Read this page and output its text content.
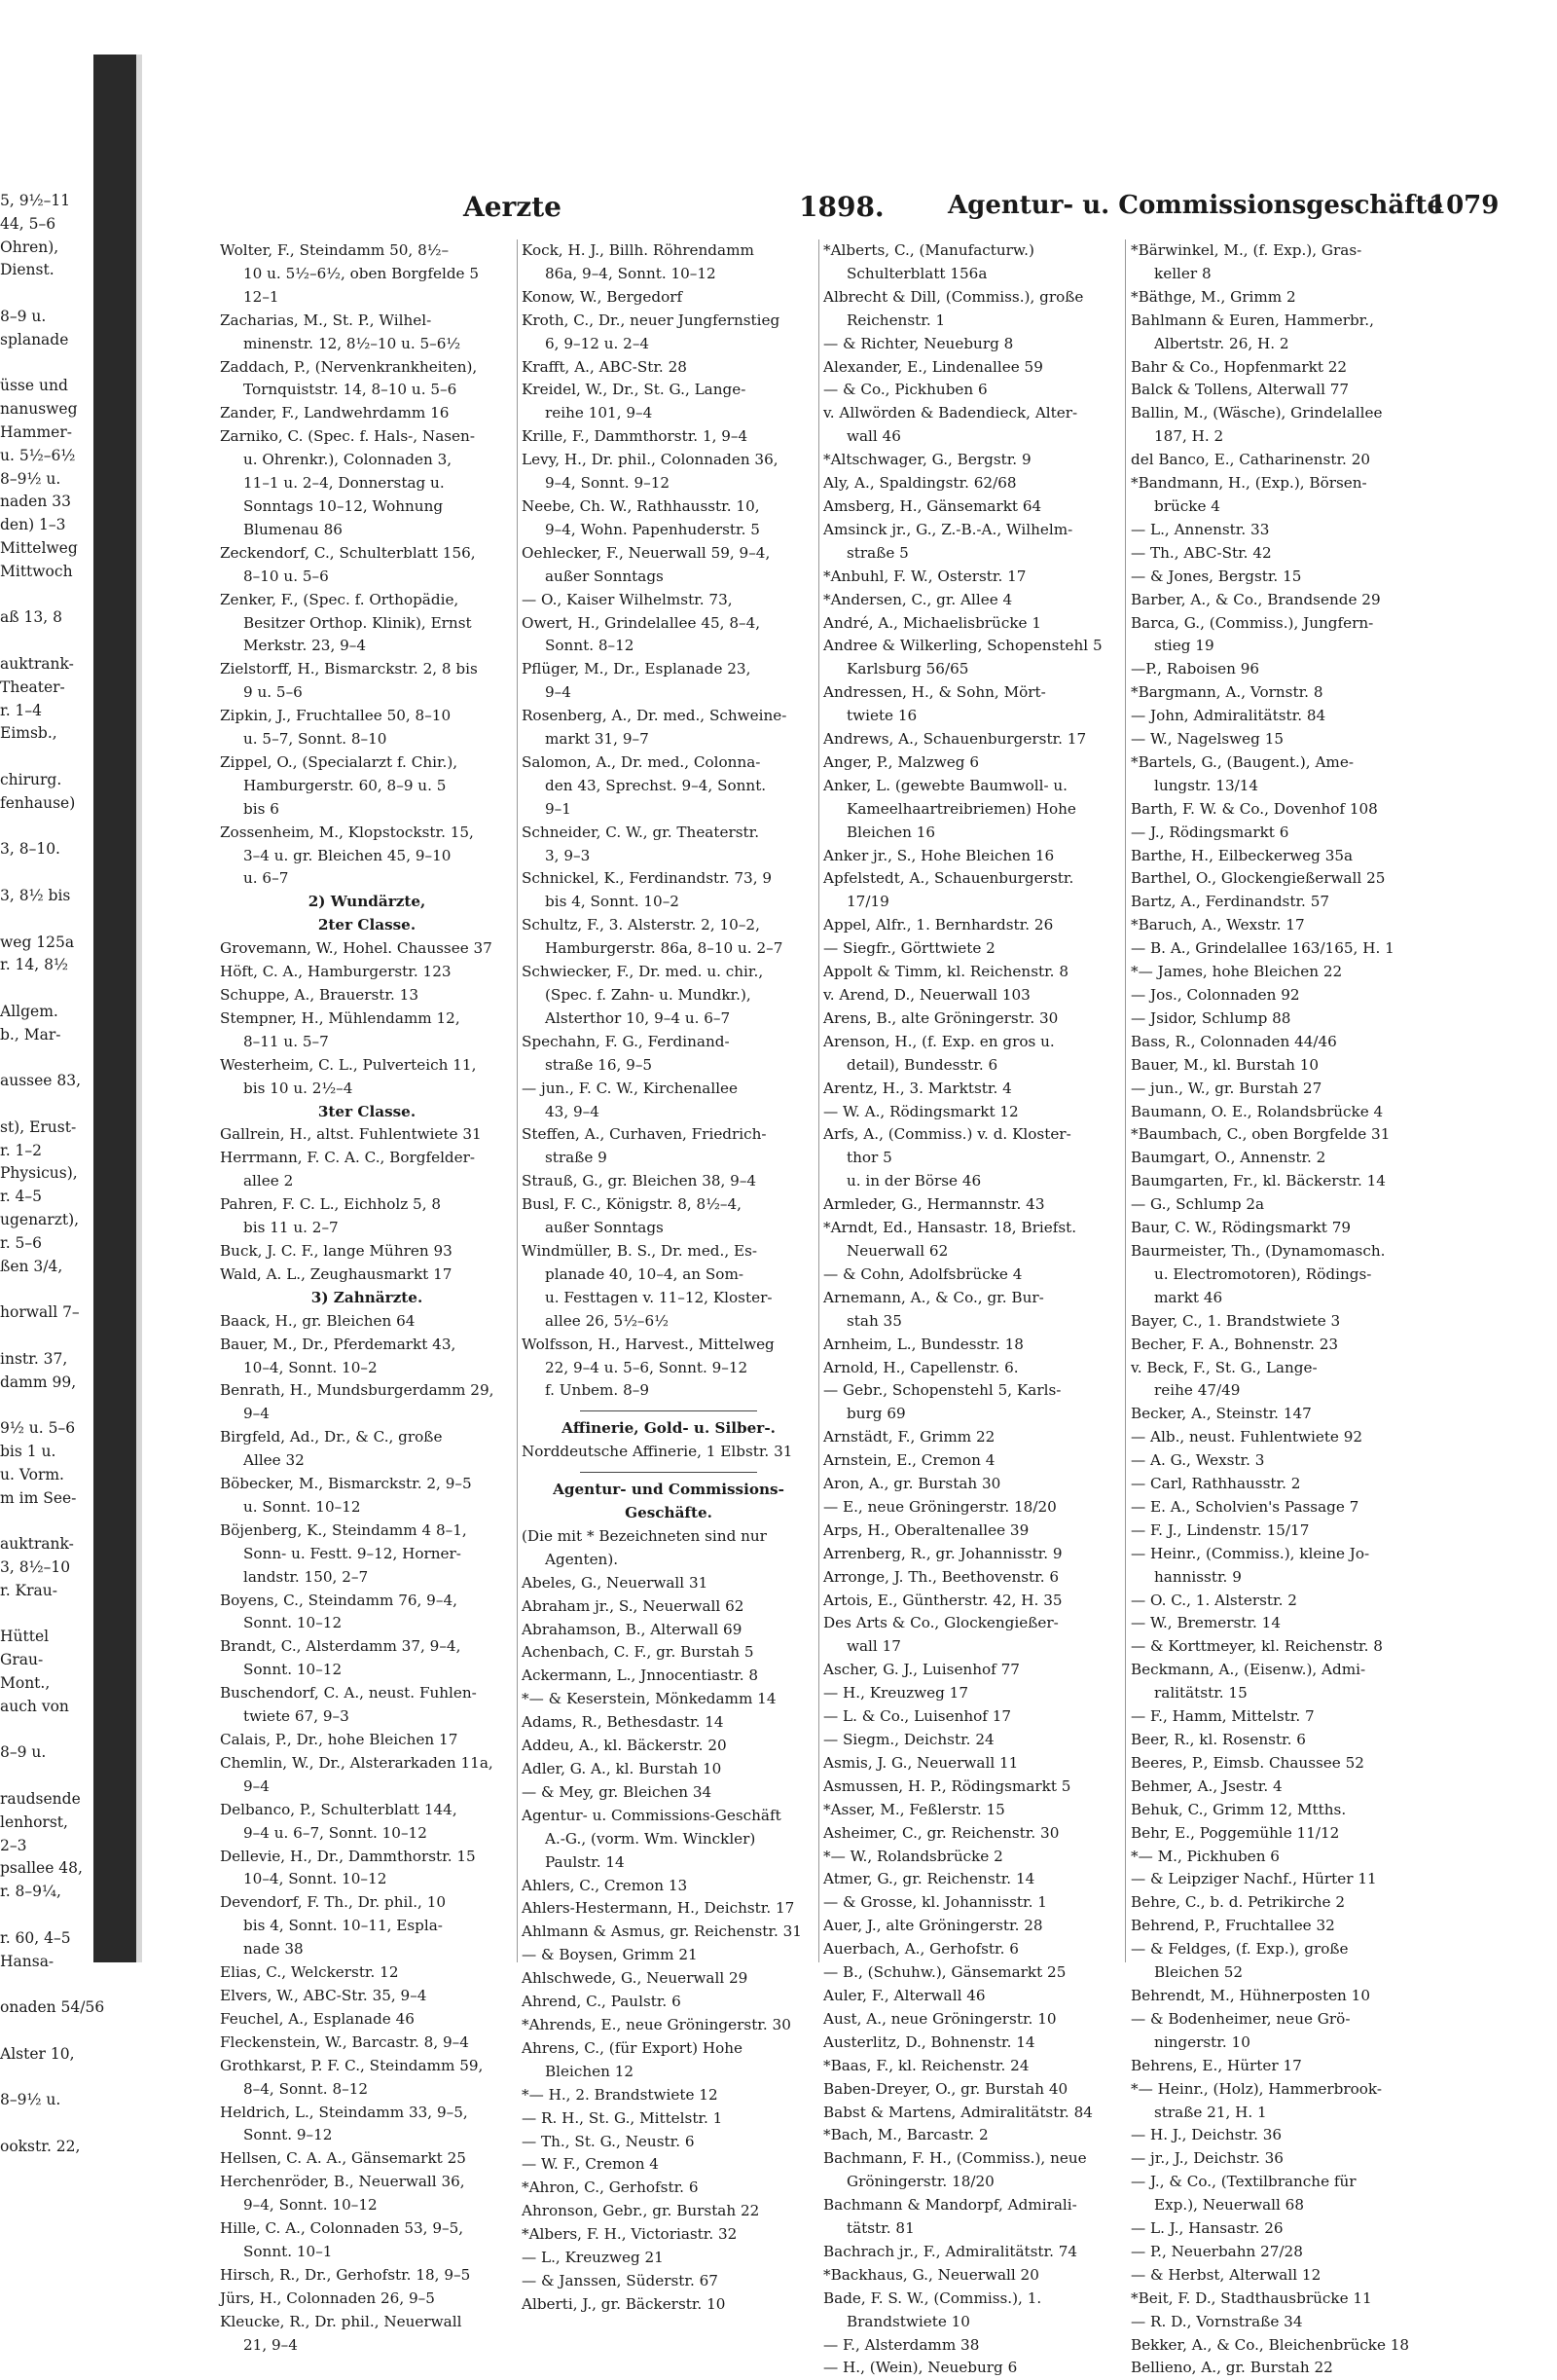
5, 9½–11
44, 5–6
Ohren),
Dienst.

8–9 u.
splanade

üsse und
nanusweg
Hammer-
u. 5½–6½
8–9½ u.
naden 33
den) 1–3
Mittelweg
Mittwoch

aß 13, 8

auktrank-
Theater-
r. 1–4
Eimsb.,

chirurg.
fenhause)

3, 8–10.

3, 8½ bis

weg 125a
r. 14, 8½

Allgem.
b., Mar-

aussee 83,

st), Erust-
r. 1–2
Physicus),
r. 4–5
ugenarzt),
r. 5–6
ßen 3/4,

horwall 7–

instr. 37,
damm 99,

9½ u. 5–6
bis 1 u.
u. Vorm.
m im See-

auktrank-
3, 8½–10
r. Krau-

Hüttel
Grau-
Mont.,
auch von

8–9 u.

raudsende
lenhorst,
2–3
psallee 48,
r. 8–9¼,

r. 60, 4–5
Hansa-

onaden 54/56

Alster 10,

8–9½ u.

ookstr. 22,
Aerzte	1898.	Agentur- u. Commissionsgeschäfte
1079
Wolter, F., Steindamm 50, 8½–
10 u. 5½–6½, oben Borgfelde 5
12–1
Zacharias, M., St. P., Wilhel-
minenstr. 12, 8½–10 u. 5–6½
Zaddach, P., (Nervenkrankheiten),
Tornquiststr. 14, 8–10 u. 5–6
Zander, F., Landwehrdamm 16
Zarniko, C. (Spec. f. Hals-, Nasen-
u. Ohrenkr.), Colonnaden 3,
11–1 u. 2–4, Donnerstag u.
Sonntags 10–12, Wohnung
Blumenau 86
Zeckendorf, C., Schulterblatt 156,
8–10 u. 5–6
Zenker, F., (Spec. f. Orthopädie,
Besitzer Orthop. Klinik), Ernst
Merkstr. 23, 9–4
Zielstorff, H., Bismarckstr. 2, 8 bis
9 u. 5–6
Zipkin, J., Fruchtallee 50, 8–10
u. 5–7, Sonnt. 8–10
Zippel, O., (Specialarzt f. Chir.),
Hamburgerstr. 60, 8–9 u. 5
bis 6
Zossenheim, M., Klopstockstr. 15,
3–4 u. gr. Bleichen 45, 9–10
u. 6–7
2) Wundärzte,
2ter Classe.
Grovemann, W., Hohel. Chaussee 37
Höft, C. A., Hamburgerstr. 123
Schuppe, A., Brauerstr. 13
Stempner, H., Mühlendamm 12,
8–11 u. 5–7
Westerheim, C. L., Pulverteich 11,
bis 10 u. 2½–4
3ter Classe.
Gallrein, H., altst. Fuhlentwiete 31
Herrmann, F. C. A. C., Borgfelder-
allee 2
Pahren, F. C. L., Eichholz 5, 8
bis 11 u. 2–7
Buck, J. C. F., lange Mühren 93
Wald, A. L., Zeughausmarkt 17
3) Zahnärzte.
Baack, H., gr. Bleichen 64
Bauer, M., Dr., Pferdemarkt 43,
10–4, Sonnt. 10–2
Benrath, H., Mundsburgerdamm 29,
9–4
Birgfeld, Ad., Dr., & C., große
Allee 32
Böbecker, M., Bismarckstr. 2, 9–5
u. Sonnt. 10–12
Böjenberg, K., Steindamm 4 8–1,
Sonn- u. Festt. 9–12, Horner-
landstr. 150, 2–7
Boyens, C., Steindamm 76, 9–4,
Sonnt. 10–12
Brandt, C., Alsterdamm 37, 9–4,
Sonnt. 10–12
Buschendorf, C. A., neust. Fuhlen-
twiete 67, 9–3
Calais, P., Dr., hohe Bleichen 17
Chemlin, W., Dr., Alsterarkaden 11a,
9–4
Delbanco, P., Schulterblatt 144,
9–4 u. 6–7, Sonnt. 10–12
Dellevie, H., Dr., Dammthorstr. 15
10–4, Sonnt. 10–12
Devendorf, F. Th., Dr. phil., 10
bis 4, Sonnt. 10–11, Espla-
nade 38
Elias, C., Welckerstr. 12
Elvers, W., ABC-Str. 35, 9–4
Feuchel, A., Esplanade 46
Fleckenstein, W., Barcastr. 8, 9–4
Grothkarst, P. F. C., Steindamm 59,
8–4, Sonnt. 8–12
Heldrich, L., Steindamm 33, 9–5,
Sonnt. 9–12
Hellsen, C. A. A., Gänsemarkt 25
Herchenröder, B., Neuerwall 36,
9–4, Sonnt. 10–12
Hille, C. A., Colonnaden 53, 9–5,
Sonnt. 10–1
Hirsch, R., Dr., Gerhofstr. 18, 9–5
Jürs, H., Colonnaden 26, 9–5
Kleucke, R., Dr. phil., Neuerwall
21, 9–4
Kock, H. J., Billh. Röhrendamm
86a, 9–4, Sonnt. 10–12
Konow, W., Bergedorf
Kroth, C., Dr., neuer Jungfernstieg
6, 9–12 u. 2–4
Krafft, A., ABC-Str. 28
Kreidel, W., Dr., St. G., Lange-
reihe 101, 9–4
Krille, F., Dammthorstr. 1, 9–4
Levy, H., Dr. phil., Colonnaden 36,
9–4, Sonnt. 9–12
Neebe, Ch. W., Rathhausstr. 10,
9–4, Wohn. Papenhuderstr. 5
Oehlecker, F., Neuerwall 59, 9–4,
außer Sonntags
— O., Kaiser Wilhelmstr. 73,
Owert, H., Grindelallee 45, 8–4,
Sonnt. 8–12
Pflüger, M., Dr., Esplanade 23,
9–4
Rosenberg, A., Dr. med., Schweine-
markt 31, 9–7
Salomon, A., Dr. med., Colonna-
den 43, Sprechst. 9–4, Sonnt.
9–1
Schneider, C. W., gr. Theaterstr.
3, 9–3
Schnickel, K., Ferdinandstr. 73, 9
bis 4, Sonnt. 10–2
Schultz, F., 3. Alsterstr. 2, 10–2,
Hamburgerstr. 86a, 8–10 u. 2–7
Schwiecker, F., Dr. med. u. chir.,
(Spec. f. Zahn- u. Mundkr.),
Alsterthor 10, 9–4 u. 6–7
Spechahn, F. G., Ferdinand-
straße 16, 9–5
— jun., F. C. W., Kirchenallee
43, 9–4
Steffen, A., Curhaven, Friedrich-
straße 9
Strauß, G., gr. Bleichen 38, 9–4
Busl, F. C., Königstr. 8, 8½–4,
außer Sonntags
Windmüller, B. S., Dr. med., Es-
planade 40, 10–4, an Som-
u. Festtagen v. 11–12, Kloster-
allee 26, 5½–6½
Wolfsson, H., Harvest., Mittelweg
22, 9–4 u. 5–6, Sonnt. 9–12
f. Unbem. 8–9
Affinerie, Gold- u. Silber-.
Norddeutsche Affinerie, 1 Elbstr. 31
Agentur- und Commissions-
Geschäfte.
(Die mit * Bezeichneten sind nur
Agenten).
Abeles, G., Neuerwall 31
Abraham jr., S., Neuerwall 62
Abrahamson, B., Alterwall 69
Achenbach, C. F., gr. Burstah 5
Ackermann, L., Jnnocentiastr. 8
*— & Keserstein, Mönkedamm 14
Adams, R., Bethesdastr. 14
Addeu, A., kl. Bäckerstr. 20
Adler, G. A., kl. Burstah 10
— & Mey, gr. Bleichen 34
Agentur- u. Commissions-Geschäft
A.-G., (vorm. Wm. Winckler)
Paulstr. 14
Ahlers, C., Cremon 13
Ahlers-Hestermann, H., Deichstr. 17
Ahlmann & Asmus, gr. Reichenstr. 31
— & Boysen, Grimm 21
Ahlschwede, G., Neuerwall 29
Ahrend, C., Paulstr. 6
*Ahrends, E., neue Gröningerstr. 30
Ahrens, C., (für Export) Hohe
Bleichen 12
*— H., 2. Brandstwiete 12
— R. H., St. G., Mittelstr. 1
— Th., St. G., Neustr. 6
— W. F., Cremon 4
*Ahron, C., Gerhofstr. 6
Ahronson, Gebr., gr. Burstah 22
*Albers, F. H., Victoriastr. 32
— L., Kreuzweg 21
— & Janssen, Süderstr. 67
Alberti, J., gr. Bäckerstr. 10
*Alberts, C., (Manufacturw.)
Schulterblatt 156a
Albrecht & Dill, (Commiss.), große
Reichenstr. 1
— & Richter, Neueburg 8
Alexander, E., Lindenallee 59
— & Co., Pickhuben 6
v. Allwörden & Badendieck, Alter-
wall 46
*Altschwager, G., Bergstr. 9
Aly, A., Spaldingstr. 62/68
Amsberg, H., Gänsemarkt 64
Amsinck jr., G., Z.-B.-A., Wilhelm-
straße 5
*Anbuhl, F. W., Osterstr. 17
*Andersen, C., gr. Allee 4
André, A., Michaelisbrücke 1
Andree & Wilkerling, Schopenstehl 5
Karlsburg 56/65
Andressen, H., & Sohn, Mört-
twiete 16
Andrews, A., Schauenburgerstr. 17
Anger, P., Malzweg 6
Anker, L. (gewebte Baumwoll- u.
Kameelhaartreibriemen) Hohe
Bleichen 16
Anker jr., S., Hohe Bleichen 16
Apfelstedt, A., Schauenburgerstr.
17/19
Appel, Alfr., 1. Bernhardstr. 26
— Siegfr., Görttwiete 2
Appolt & Timm, kl. Reichenstr. 8
v. Arend, D., Neuerwall 103
Arens, B., alte Gröningerstr. 30
Arenson, H., (f. Exp. en gros u.
detail), Bundesstr. 6
Arentz, H., 3. Marktstr. 4
— W. A., Rödingsmarkt 12
Arfs, A., (Commiss.) v. d. Kloster-
thor 5
u. in der Börse 46
Armleder, G., Hermannstr. 43
*Arndt, Ed., Hansastr. 18, Briefst.
Neuerwall 62
— & Cohn, Adolfsbrücke 4
Arnemann, A., & Co., gr. Bur-
stah 35
Arnheim, L., Bundesstr. 18
Arnold, H., Capellenstr. 6.
— Gebr., Schopenstehl 5, Karls-
burg 69
Arnstädt, F., Grimm 22
Arnstein, E., Cremon 4
Aron, A., gr. Burstah 30
— E., neue Gröningerstr. 18/20
Arps, H., Oberaltenallee 39
Arrenberg, R., gr. Johannisstr. 9
Arronge, J. Th., Beethovenstr. 6
Artois, E., Güntherstr. 42, H. 35
Des Arts & Co., Glockengießer-
wall 17
Ascher, G. J., Luisenhof 77
— H., Kreuzweg 17
— L. & Co., Luisenhof 17
— Siegm., Deichstr. 24
Asmis, J. G., Neuerwall 11
Asmussen, H. P., Rödingsmarkt 5
*Asser, M., Feßlerstr. 15
Asheimer, C., gr. Reichenstr. 30
*— W., Rolandsbrücke 2
Atmer, G., gr. Reichenstr. 14
— & Grosse, kl. Johannisstr. 1
Auer, J., alte Gröningerstr. 28
Auerbach, A., Gerhofstr. 6
— B., (Schuhw.), Gänsemarkt 25
Auler, F., Alterwall 46
Aust, A., neue Gröningerstr. 10
Austerlitz, D., Bohnenstr. 14
*Baas, F., kl. Reichenstr. 24
Baben-Dreyer, O., gr. Burstah 40
Babst & Martens, Admiralitätstr. 84
*Bach, M., Barcastr. 2
Bachmann, F. H., (Commiss.), neue
Gröningerstr. 18/20
Bachmann & Mandorpf, Admirali-
tätstr. 81
Bachrach jr., F., Admiralitätstr. 74
*Backhaus, G., Neuerwall 20
Bade, F. S. W., (Commiss.), 1.
Brandstwiete 10
— F., Alsterdamm 38
— H., (Wein), Neueburg 6
*Bärwinkel, M., (f. Exp.), Gras-
keller 8
*Bäthge, M., Grimm 2
Bahlmann & Euren, Hammerbr.,
Albertstr. 26, H. 2
Bahr & Co., Hopfenmarkt 22
Balck & Tollens, Alterwall 77
Ballin, M., (Wäsche), Grindelallee
187, H. 2
del Banco, E., Catharinenstr. 20
*Bandmann, H., (Exp.), Börsen-
brücke 4
— L., Annenstr. 33
— Th., ABC-Str. 42
— & Jones, Bergstr. 15
Barber, A., & Co., Brandsende 29
Barca, G., (Commiss.), Jungfern-
stieg 19
—P., Raboisen 96
*Bargmann, A., Vornstr. 8
— John, Admiralitätstr. 84
— W., Nagelsweg 15
*Bartels, G., (Baugent.), Ame-
lungstr. 13/14
Barth, F. W. & Co., Dovenhof 108
— J., Rödingsmarkt 6
Barthe, H., Eilbeckerweg 35a
Barthel, O., Glockengießerwall 25
Bartz, A., Ferdinandstr. 57
*Baruch, A., Wexstr. 17
— B. A., Grindelallee 163/165, H. 1
*— James, hohe Bleichen 22
— Jos., Colonnaden 92
— Jsidor, Schlump 88
Bass, R., Colonnaden 44/46
Bauer, M., kl. Burstah 10
— jun., W., gr. Burstah 27
Baumann, O. E., Rolandsbrücke 4
*Baumbach, C., oben Borgfelde 31
Baumgart, O., Annenstr. 2
Baumgarten, Fr., kl. Bäckerstr. 14
— G., Schlump 2a
Baur, C. W., Rödingsmarkt 79
Baurmeister, Th., (Dynamomasch.
u. Electromotoren), Rödings-
markt 46
Bayer, C., 1. Brandstwiete 3
Becher, F. A., Bohnenstr. 23
v. Beck, F., St. G., Lange-
reihe 47/49
Becker, A., Steinstr. 147
— Alb., neust. Fuhlentwiete 92
— A. G., Wexstr. 3
— Carl, Rathhausstr. 2
— E. A., Scholvien's Passage 7
— F. J., Lindenstr. 15/17
— Heinr., (Commiss.), kleine Jo-
hannisstr. 9
— O. C., 1. Alsterstr. 2
— W., Bremerstr. 14
— & Korttmeyer, kl. Reichenstr. 8
Beckmann, A., (Eisenw.), Admi-
ralitätstr. 15
— F., Hamm, Mittelstr. 7
Beer, R., kl. Rosenstr. 6
Beeres, P., Eimsb. Chaussee 52
Behmer, A., Jsestr. 4
Behuk, C., Grimm 12, Mtths.
Behr, E., Poggemühle 11/12
*— M., Pickhuben 6
— & Leipziger Nachf., Hürter 11
Behre, C., b. d. Petrikirche 2
Behrend, P., Fruchtallee 32
— & Feldges, (f. Exp.), große
Bleichen 52
Behrendt, M., Hühnerposten 10
— & Bodenheimer, neue Grö-
ningerstr. 10
Behrens, E., Hürter 17
*— Heinr., (Holz), Hammerbrook-
straße 21, H. 1
— H. J., Deichstr. 36
— jr., J., Deichstr. 36
— J., & Co., (Textilbranche für
Exp.), Neuerwall 68
— L. J., Hansastr. 26
— P., Neuerbahn 27/28
— & Herbst, Alterwall 12
*Beit, F. D., Stadthausbrücke 11
— R. D., Vornstraße 34
Bekker, A., & Co., Bleichenbrücke 18
Bellieno, A., gr. Burstah 22
